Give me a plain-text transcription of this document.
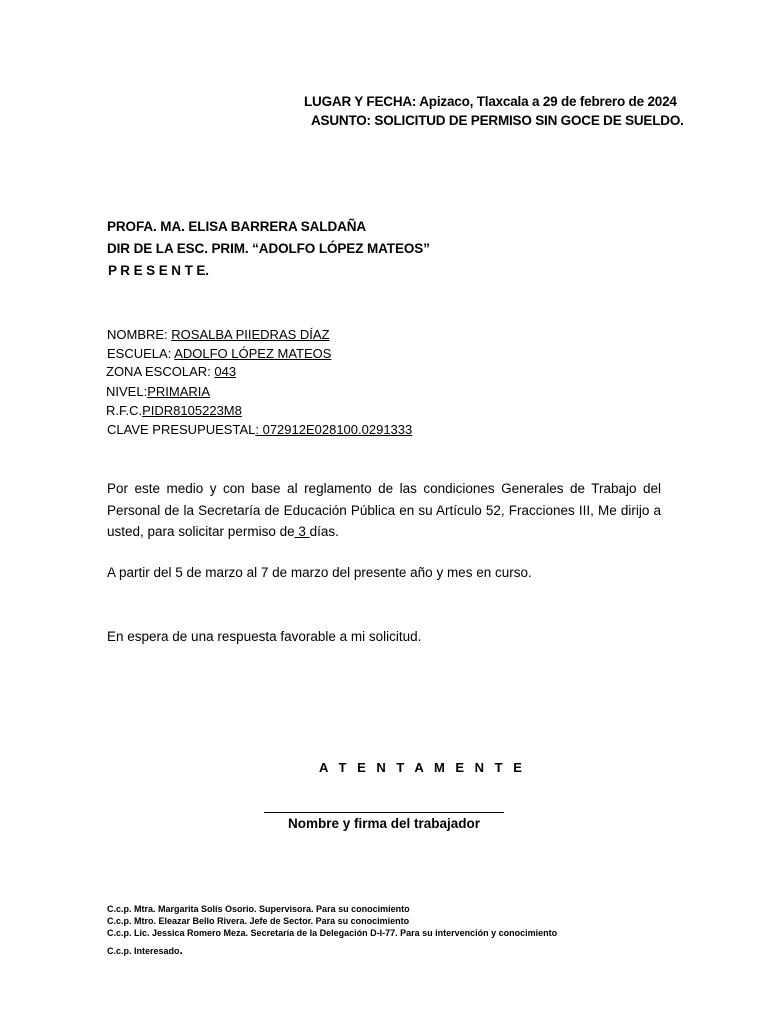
LUGAR Y FECHA: Apizaco, Tlaxcala a 29 de febrero de 2024
ASUNTO: SOLICITUD DE PERMISO SIN GOCE DE SUELDO.
PROFA. MA. ELISA BARRERA SALDAÑA
DIR DE LA ESC. PRIM. “ADOLFO LÓPEZ MATEOS”
P R E S E N T E.
NOMBRE: ROSALBA PIIEDRAS DÍAZ
ESCUELA: ADOLFO LÓPEZ MATEOS
ZONA ESCOLAR: 043
NIVEL:PRIMARIA
R.F.C.PIDR8105223M8
CLAVE PRESUPUESTAL: 072912E028100.0291333
Por este medio y con base al reglamento de las condiciones Generales de Trabajo del Personal de la Secretaría de Educación Pública en su Artículo 52, Fracciones III, Me dirijo a usted, para solicitar permiso de 3 días.
A partir del 5 de marzo al 7 de marzo del presente año y mes en curso.
En espera de una respuesta favorable a mi solicitud.
A T E N T A M E N T E
Nombre y firma del trabajador
C.c.p. Mtra. Margarita Solís Osorio. Supervisora. Para su conocimiento
C.c.p. Mtro. Eleazar Bello Rivera. Jefe de Sector. Para su conocimiento
C.c.p. Lic. Jessica Romero Meza. Secretaría de la Delegación D-I-77. Para su intervención y conocimiento
C.c.p. Interesado.
